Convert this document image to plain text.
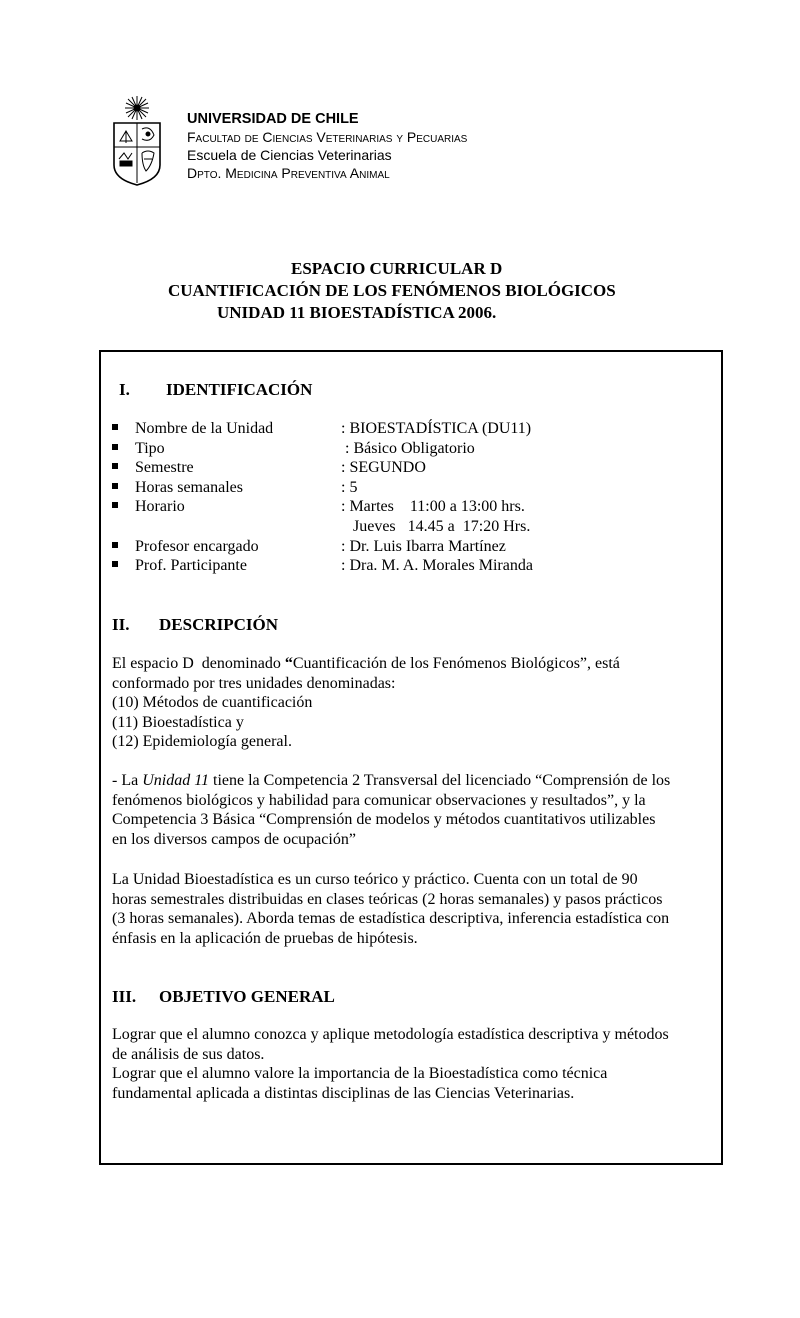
UNIVERSIDAD DE CHILE
Facultad de Ciencias Veterinarias y Pecuarias
Escuela de Ciencias Veterinarias
Dpto. Medicina Preventiva Animal
ESPACIO CURRICULAR D
CUANTIFICACIÓN DE LOS FENÓMENOS BIOLÓGICOS
UNIDAD 11 BIOESTADÍSTICA 2006.
I. IDENTIFICACIÓN
Nombre de la Unidad	: BIOESTADÍSTICA (DU11)
Tipo	: Básico Obligatorio
Semestre	: SEGUNDO
Horas semanales	: 5
Horario	: Martes    11:00 a 13:00 hrs.
Jueves   14.45 a  17:20 Hrs.
Profesor encargado	: Dr. Luis Ibarra Martínez
Prof. Participante	: Dra. M. A. Morales Miranda
II. DESCRIPCIÓN
El espacio D  denominado “Cuantificación de los Fenómenos Biológicos”, está
conformado por tres unidades denominadas:
(10) Métodos de cuantificación
(11) Bioestadística y
(12) Epidemiología general.
- La Unidad 11 tiene la Competencia 2 Transversal del licenciado “Comprensión de los
fenómenos biológicos y habilidad para comunicar observaciones y resultados”, y la
Competencia 3 Básica “Comprensión de modelos y métodos cuantitativos utilizables
en los diversos campos de ocupación”
La Unidad Bioestadística es un curso teórico y práctico. Cuenta con un total de 90
horas semestrales distribuidas en clases teóricas (2 horas semanales) y pasos prácticos
(3 horas semanales). Aborda temas de estadística descriptiva, inferencia estadística con
énfasis en la aplicación de pruebas de hipótesis.
III. OBJETIVO GENERAL
Lograr que el alumno conozca y aplique metodología estadística descriptiva y métodos
de análisis de sus datos.
Lograr que el alumno valore la importancia de la Bioestadística como técnica
fundamental aplicada a distintas disciplinas de las Ciencias Veterinarias.
